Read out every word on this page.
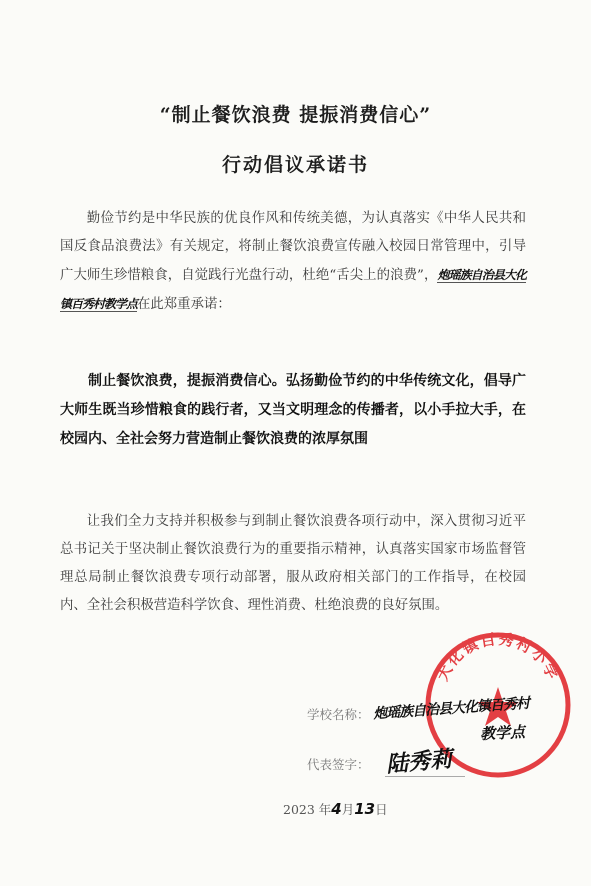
“制止餐饮浪费 提振消费信心”
行动倡议承诺书
勤俭节约是中华民族的优良作风和传统美德，为认真落实《中华人民共和国反食品浪费法》有关规定，将制止餐饮浪费宣传融入校园日常管理中，引导广大师生珍惜粮食，自觉践行光盘行动，杜绝“舌尖上的浪费”，炮瑶族自治县大化镇百秀村教学点在此郑重承诺：
制止餐饮浪费，提振消费信心。弘扬勤俭节约的中华传统文化，倡导广大师生既当珍惜粮食的践行者，又当文明理念的传播者，以小手拉大手，在校园内、全社会努力营造制止餐饮浪费的浓厚氛围
让我们全力支持并积极参与到制止餐饮浪费各项行动中，深入贯彻习近平总书记关于坚决制止餐饮浪费行为的重要指示精神，认真落实国家市场监督管理总局制止餐饮浪费专项行动部署，服从政府相关部门的工作指导，在校园内、全社会积极营造科学饮食、理性消费、杜绝浪费的良好氛围。
大化镇百秀村小学
学校名称： 炮瑶族自治县大化镇百秀村
教学点
代表签字： 陆秀莉
2023 年4月13日
